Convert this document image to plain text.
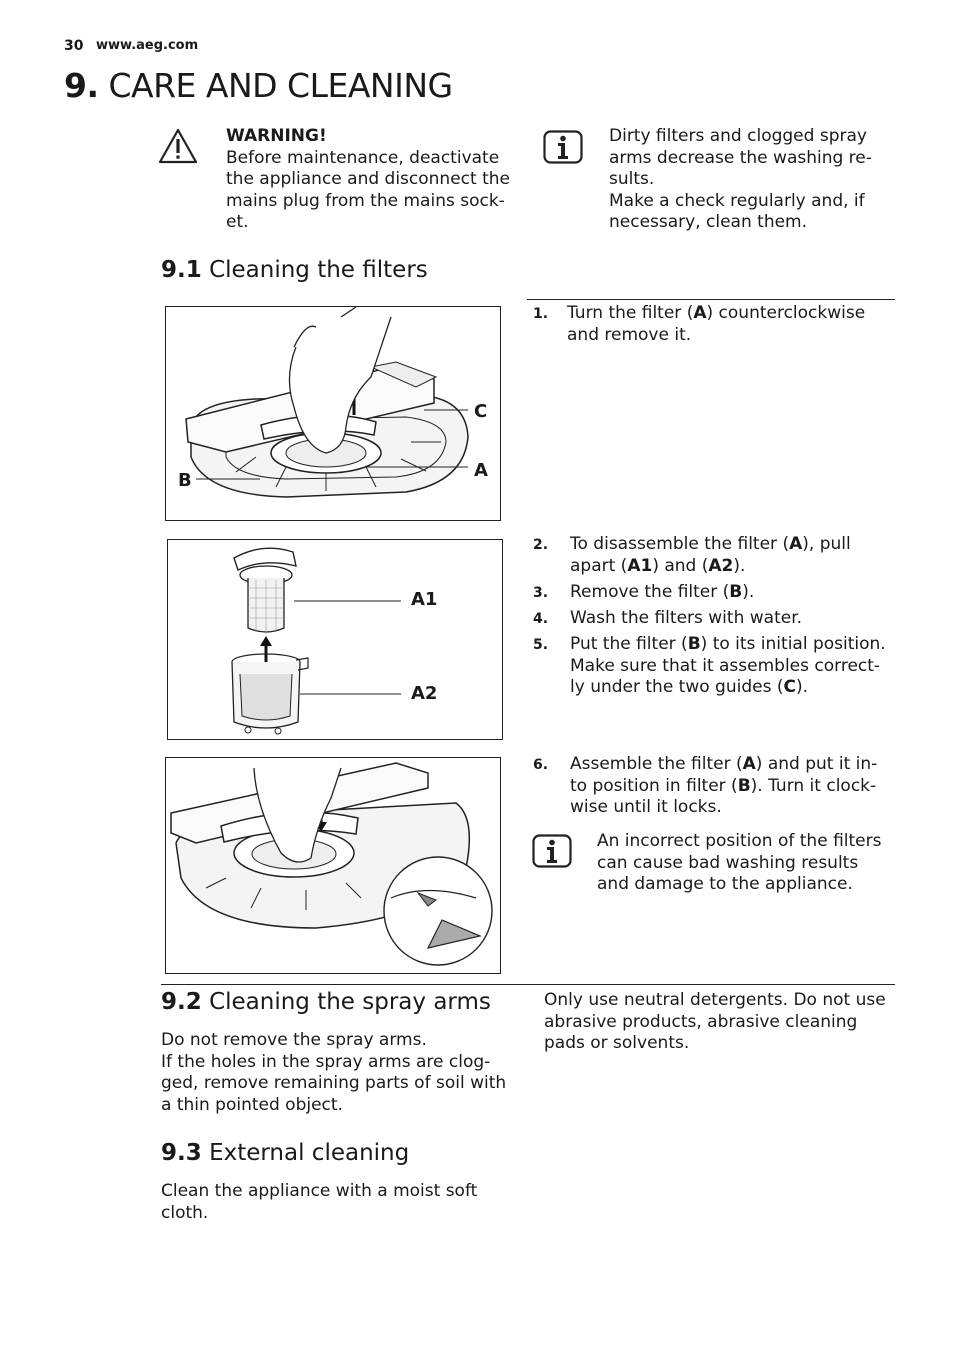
30 www.aeg.com
9. CARE AND CLEANING
WARNING!
Before maintenance, deactivate
the appliance and disconnect the
mains plug from the mains sock-
et.
Dirty filters and clogged spray
arms decrease the washing re-
sults.
Make a check regularly and, if
necessary, clean them.
9.1 Cleaning the filters
C
A
B
1. Turn the filter (A) counterclockwise
and remove it.
A1
A2
2. To disassemble the filter (A), pull
apart (A1) and (A2).
3. Remove the filter (B).
4. Wash the filters with water.
5. Put the filter (B) to its initial position.
Make sure that it assembles correct-
ly under the two guides (C).
6. Assemble the filter (A) and put it in-
to position in filter (B). Turn it clock-
wise until it locks.
An incorrect position of the filters
can cause bad washing results
and damage to the appliance.
9.2 Cleaning the spray arms
Do not remove the spray arms.
If the holes in the spray arms are clog-
ged, remove remaining parts of soil with
a thin pointed object.
Only use neutral detergents. Do not use
abrasive products, abrasive cleaning
pads or solvents.
9.3 External cleaning
Clean the appliance with a moist soft
cloth.
